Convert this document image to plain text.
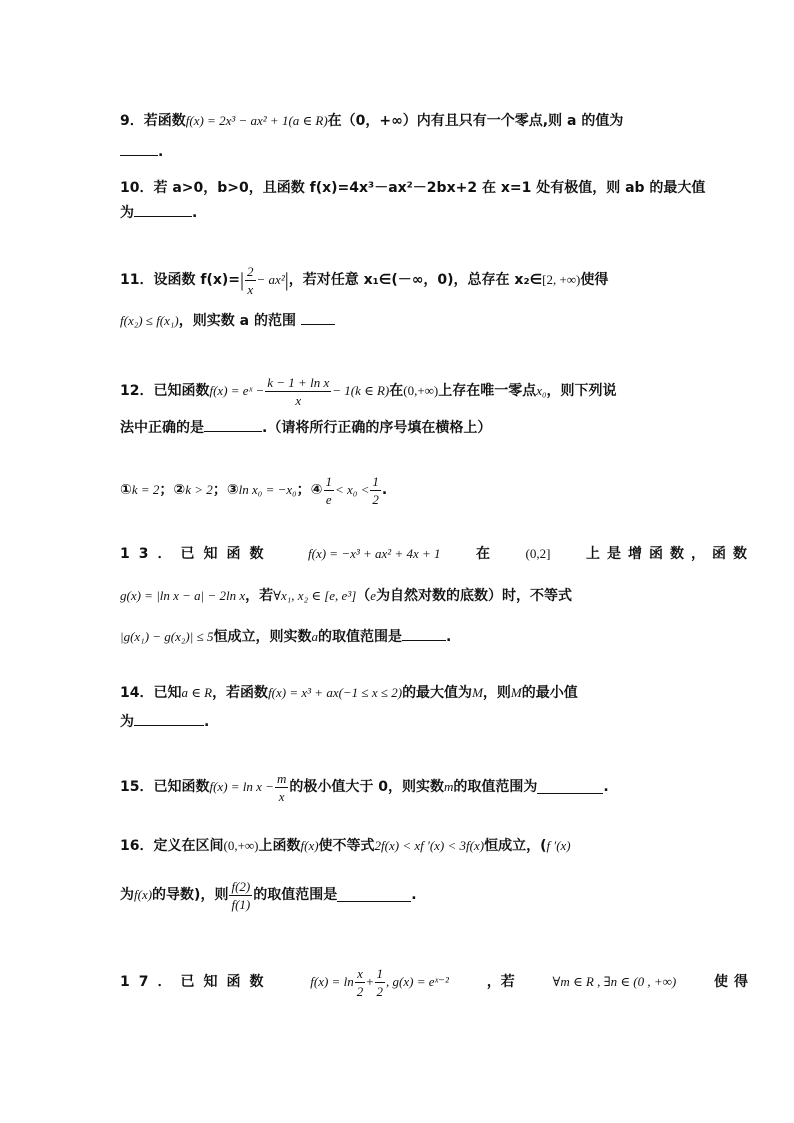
9．若函数f(x) = 2x³ − ax² + 1(a ∈ R)在（0，+∞）内有且只有一个零点,则 a 的值为
.
10．若 a>0，b>0，且函数 f(x)=4x³－ax²－2bx+2 在 x=1 处有极值，则 ab 的最大值
为	.
11．设函数 f(x)= | $\frac{2}{x} - ax^2$ | ，若对任意 x₁∈(－∞，0)，总存在 x₂∈ [2, +∞) 使得
f(x₂) ≤ f(x₁)，则实数 a 的范围
12．已知函数 f(x) = eˣ − $\frac{\text{k − 1 + ln x}}{x} - 1(k$ ∈ R) 在 (0,+∞) 上存在唯一零点 x₀ ，则下列说
法中正确的是	.（请将所行正确的序号填在横格上）
① k = 2 ； ② k > 2 ； ③ ln x₀ = −x₀ ； ④ $\frac{1}{e} < x_0 < \frac{1}{2}$ .
13．已知函数	f(x) = −x³ + ax² + 4x + 1	在	(0,2]	上是增函数，函数
g(x) = |ln x − a| − 2ln x，若∀x₁, x₂ ∈ [e, e³]（e为自然对数的底数）时，不等式
|g(x₁) − g(x₂)| ≤ 5恒成立，则实数a的取值范围是	.
14．已知a ∈ R，若函数f(x) = x³ + ax(−1 ≤ x ≤ 2)的最大值为M，则M的最小值
为	.
15．已知函数 $f(x) = \ln x - \frac{m}{x}$ 的极小值大于 0，则实数 m 的取值范围为	.
16．定义在区间(0,+∞)上函数f(x)使不等式2f(x) < xf ′(x) < 3f(x)恒成立，(f ′(x)
为 f(x) 的导数)，则 $\frac{f(2)}{f(1)}$ 的取值范围是	.
17．已知函数	$f(x) = \ln \frac{x}{2} + \frac{1}{2}$ , g(x) = eˣ⁻²	，若	∀m ∈ R , ∃n ∈ (0 , +∞)	使得
